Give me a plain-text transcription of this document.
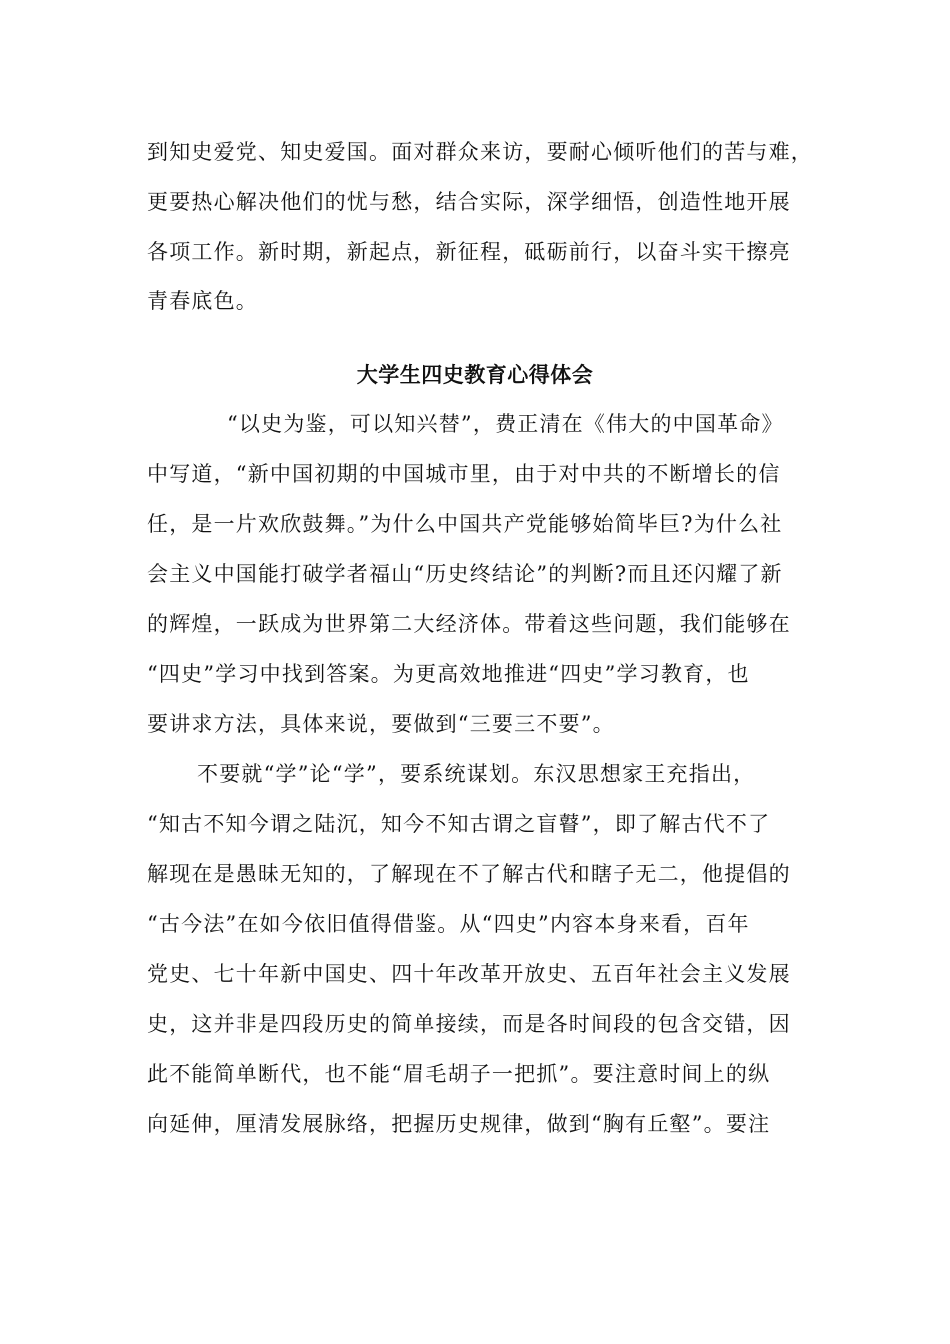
到知史爱党、知史爱国。面对群众来访，要耐心倾听他们的苦与难，
更要热心解决他们的忧与愁，结合实际，深学细悟，创造性地开展
各项工作。新时期，新起点，新征程，砥砺前行，以奋斗实干擦亮
青春底色。
大学生四史教育心得体会
“以史为鉴，可以知兴替”，费正清在《伟大的中国革命》
中写道，“新中国初期的中国城市里，由于对中共的不断增长的信
任，是一片欢欣鼓舞。”为什么中国共产党能够始简毕巨?为什么社
会主义中国能打破学者福山“历史终结论”的判断?而且还闪耀了新
的辉煌，一跃成为世界第二大经济体。带着这些问题，我们能够在
“四史”学习中找到答案。为更高效地推进“四史”学习教育，也
要讲求方法，具体来说，要做到“三要三不要”。
不要就“学”论“学”，要系统谋划。东汉思想家王充指出，
“知古不知今谓之陆沉，知今不知古谓之盲瞽”，即了解古代不了
解现在是愚昧无知的，了解现在不了解古代和瞎子无二，他提倡的
“古今法”在如今依旧值得借鉴。从“四史”内容本身来看，百年
党史、七十年新中国史、四十年改革开放史、五百年社会主义发展
史，这并非是四段历史的简单接续，而是各时间段的包含交错，因
此不能简单断代，也不能“眉毛胡子一把抓”。要注意时间上的纵
向延伸，厘清发展脉络，把握历史规律，做到“胸有丘壑”。要注
